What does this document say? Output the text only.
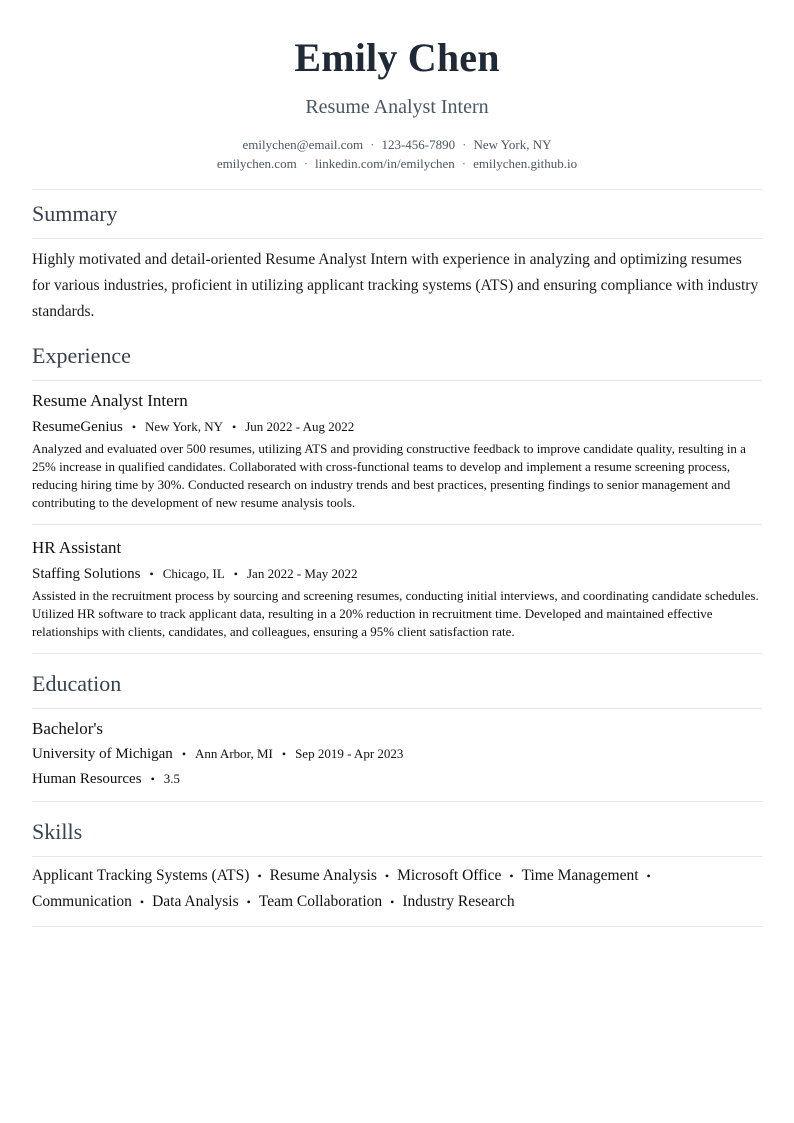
Emily Chen
Resume Analyst Intern
emilychen@email.com · 123-456-7890 · New York, NY
emilychen.com · linkedin.com/in/emilychen · emilychen.github.io
Summary
Highly motivated and detail-oriented Resume Analyst Intern with experience in analyzing and optimizing resumes for various industries, proficient in utilizing applicant tracking systems (ATS) and ensuring compliance with industry standards.
Experience
Resume Analyst Intern
ResumeGenius • New York, NY • Jun 2022 - Aug 2022
Analyzed and evaluated over 500 resumes, utilizing ATS and providing constructive feedback to improve candidate quality, resulting in a 25% increase in qualified candidates. Collaborated with cross-functional teams to develop and implement a resume screening process, reducing hiring time by 30%. Conducted research on industry trends and best practices, presenting findings to senior management and contributing to the development of new resume analysis tools.
HR Assistant
Staffing Solutions • Chicago, IL • Jan 2022 - May 2022
Assisted in the recruitment process by sourcing and screening resumes, conducting initial interviews, and coordinating candidate schedules. Utilized HR software to track applicant data, resulting in a 20% reduction in recruitment time. Developed and maintained effective relationships with clients, candidates, and colleagues, ensuring a 95% client satisfaction rate.
Education
Bachelor's
University of Michigan • Ann Arbor, MI • Sep 2019 - Apr 2023
Human Resources • 3.5
Skills
Applicant Tracking Systems (ATS) • Resume Analysis • Microsoft Office • Time Management •
Communication • Data Analysis • Team Collaboration • Industry Research
